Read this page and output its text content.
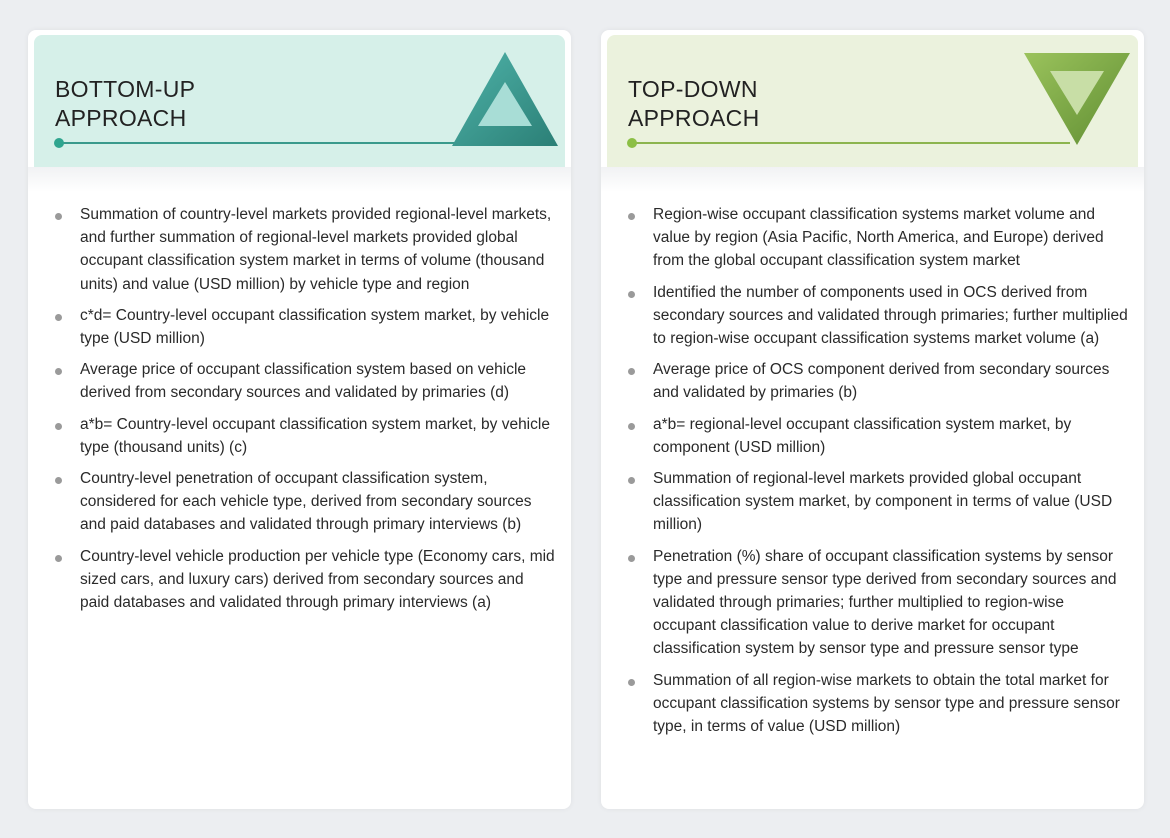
BOTTOM-UP
APPROACH
Summation of country-level markets provided regional-level markets, and further summation of regional-level markets provided global occupant classification system market in terms of volume (thousand units) and value (USD million) by vehicle type and region
c*d= Country-level occupant classification system market, by vehicle type (USD million)
Average price of occupant classification system based on vehicle derived from secondary sources and validated by primaries (d)
a*b= Country-level occupant classification system market, by vehicle type (thousand units) (c)
Country-level penetration of occupant classification system, considered for each vehicle type, derived from secondary sources and paid databases and validated through primary interviews (b)
Country-level vehicle production per vehicle type (Economy cars, mid sized cars, and luxury cars) derived from secondary sources and paid databases and validated through primary interviews (a)
TOP-DOWN
APPROACH
Region-wise occupant classification systems market volume and value by region (Asia Pacific, North America, and Europe) derived from the global occupant classification system market
Identified the number of components used in OCS derived from secondary sources and validated through primaries; further multiplied to region-wise occupant classification systems market volume (a)
Average price of OCS component derived from secondary sources and validated by primaries (b)
a*b= regional-level occupant classification system market, by component (USD million)
Summation of regional-level markets provided global occupant classification system market, by component in terms of value (USD million)
Penetration (%) share of occupant classification systems by sensor type and pressure sensor type derived from secondary sources and validated through primaries; further multiplied to region-wise occupant classification value to derive market for occupant classification system by sensor type and pressure sensor type
Summation of all region-wise markets to obtain the total market for occupant classification systems by sensor type and pressure sensor type, in terms of value (USD million)
